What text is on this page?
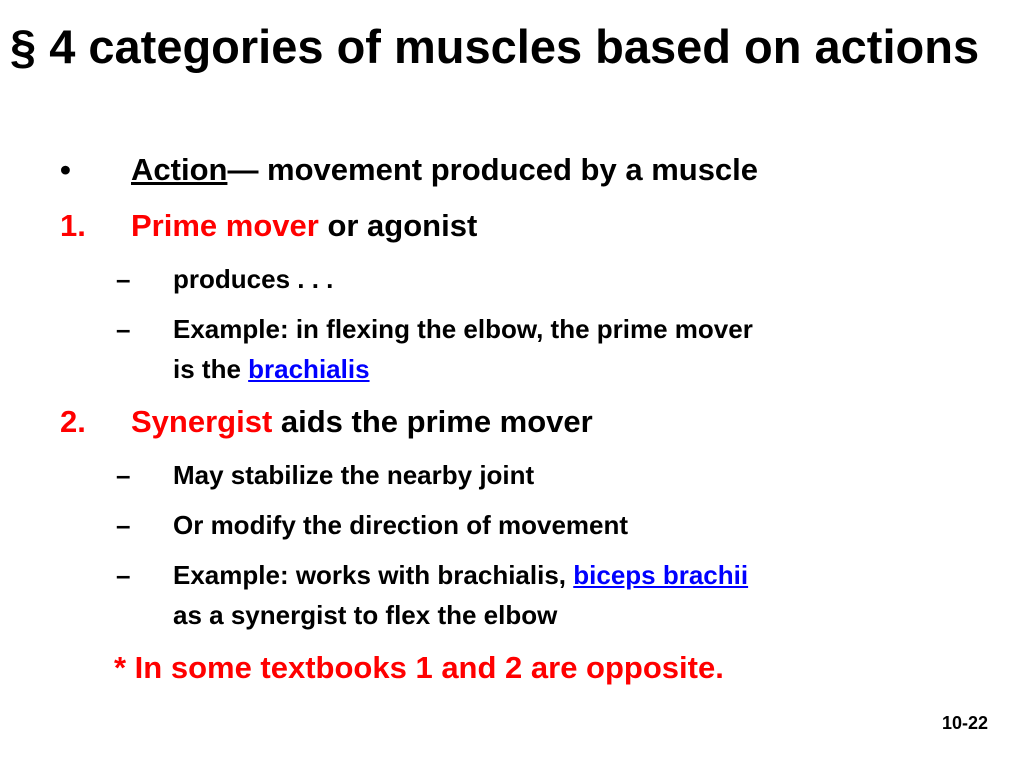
§ 4 categories of muscles based on actions
• Action— movement produced by a muscle
1. Prime mover or agonist
– produces . . .
– Example: in flexing the elbow, the prime mover
is the brachialis
2. Synergist aids the prime mover
– May stabilize the nearby joint
– Or modify the direction of movement
– Example: works with brachialis, biceps brachii
as a synergist to flex the elbow
* In some textbooks 1 and 2 are opposite.
10-22
